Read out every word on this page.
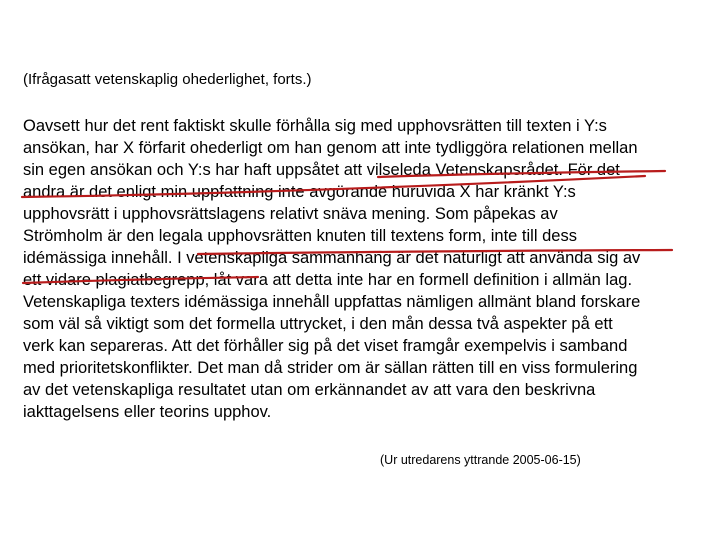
(Ifrågasatt vetenskaplig ohederlighet, forts.)
Oavsett hur det rent faktiskt skulle förhålla sig med upphovsrätten till texten i Y:s
ansökan, har X förfarit ohederligt om han genom att inte tydliggöra relationen mellan
sin egen ansökan och Y:s har haft uppsåtet att vilseleda Vetenskapsrådet. För det
andra är det enligt min uppfattning inte avgörande huruvida X har kränkt Y:s
upphovsrätt i upphovsrättslagens relativt snäva mening. Som påpekas av
Strömholm är den legala upphovsrätten knuten till textens form, inte till dess
idémässiga innehåll. I vetenskapliga sammanhang är det naturligt att använda sig av
ett vidare plagiatbegrepp, låt vara att detta inte har en formell definition i allmän lag.
Vetenskapliga texters idémässiga innehåll uppfattas nämligen allmänt bland forskare
som väl så viktigt som det formella uttrycket, i den mån dessa två aspekter på ett
verk kan separeras. Att det förhåller sig på det viset framgår exempelvis i samband
med prioritetskonflikter. Det man då strider om är sällan rätten till en viss formulering
av det vetenskapliga resultatet utan om erkännandet av att vara den beskrivna
iakttagelsens eller teorins upphov.
(Ur utredarens yttrande 2005-06-15)
